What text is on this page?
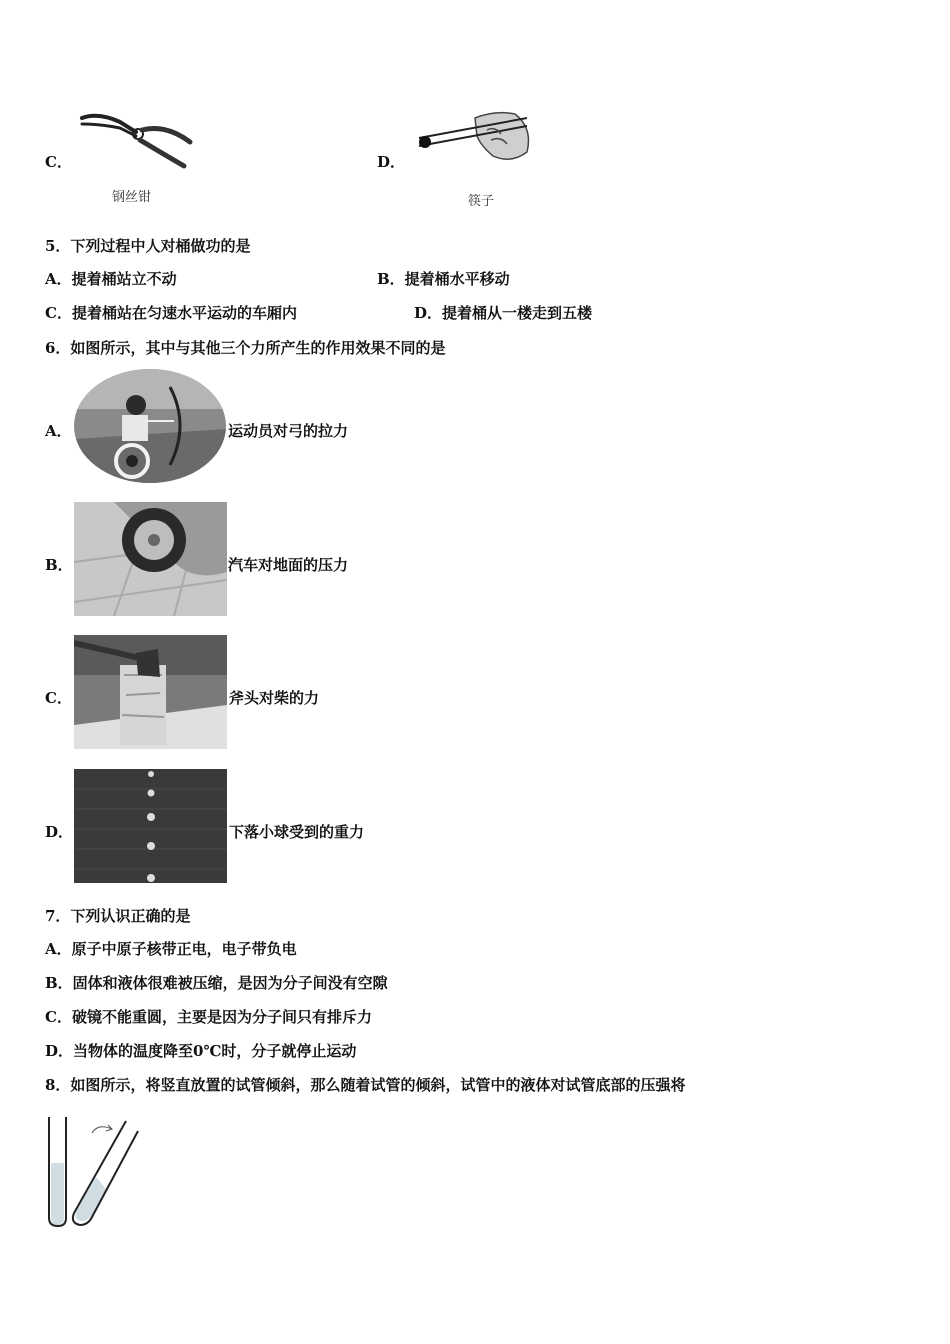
C．
钢丝钳
D．
筷子
5．下列过程中人对桶做功的是
A．提着桶站立不动	B．提着桶水平移动
C．提着桶站在匀速水平运动的车厢内	D．提着桶从一楼走到五楼
6．如图所示，其中与其他三个力所产生的作用效果不同的是
A．	运动员对弓的拉力
B．	汽车对地面的压力
C．	斧头对柴的力
D．	下落小球受到的重力
7．下列认识正确的是
A．原子中原子核带正电，电子带负电
B．固体和液体很难被压缩，是因为分子间没有空隙
C．破镜不能重圆，主要是因为分子间只有排斥力
D．当物体的温度降至0℃时，分子就停止运动
8．如图所示，将竖直放置的试管倾斜，那么随着试管的倾斜，试管中的液体对试管底部的压强将
